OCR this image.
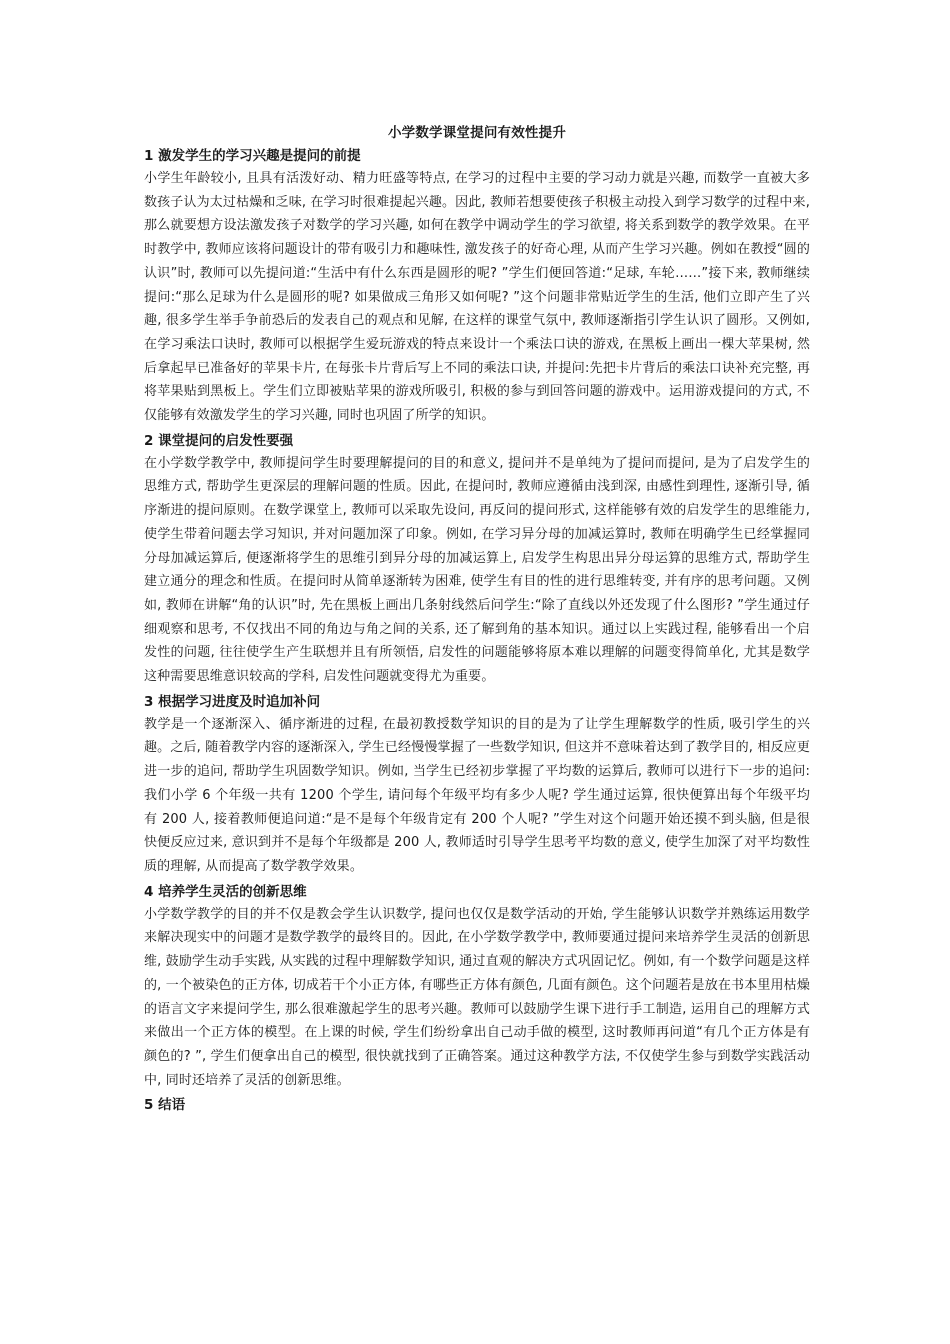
小学数学课堂提问有效性提升
1 激发学生的学习兴趣是提问的前提

小学生年龄较小, 且具有活泼好动、精力旺盛等特点, 在学习的过程中主要的学习动力就是兴趣, 而数学一直被大多数孩子认为太过枯燥和乏味, 在学习时很难提起兴趣。因此, 教师若想要使孩子积极主动投入到学习数学的过程中来, 那么就要想方设法激发孩子对数学的学习兴趣, 如何在教学中调动学生的学习欲望, 将关系到数学的教学效果。在平时教学中, 教师应该将问题设计的带有吸引力和趣味性, 激发孩子的好奇心理, 从而产生学习兴趣。例如在教授“圆的认识”时, 教师可以先提问道:“生活中有什么东西是圆形的呢? ”学生们便回答道:“足球, 车轮……”接下来, 教师继续提问:“那么足球为什么是圆形的呢? 如果做成三角形又如何呢? ”这个问题非常贴近学生的生活, 他们立即产生了兴趣, 很多学生举手争前恐后的发表自己的观点和见解, 在这样的课堂气氛中, 教师逐渐指引学生认识了圆形。又例如, 在学习乘法口诀时, 教师可以根据学生爱玩游戏的特点来设计一个乘法口诀的游戏, 在黑板上画出一棵大苹果树, 然后拿起早已准备好的苹果卡片, 在每张卡片背后写上不同的乘法口诀, 并提问:先把卡片背后的乘法口诀补充完整, 再将苹果贴到黑板上。学生们立即被贴苹果的游戏所吸引, 积极的参与到回答问题的游戏中。运用游戏提问的方式, 不仅能够有效激发学生的学习兴趣, 同时也巩固了所学的知识。

2 课堂提问的启发性要强

在小学数学教学中, 教师提问学生时要理解提问的目的和意义, 提问并不是单纯为了提问而提问, 是为了启发学生的思维方式, 帮助学生更深层的理解问题的性质。因此, 在提问时, 教师应遵循由浅到深, 由感性到理性, 逐渐引导, 循序渐进的提问原则。在数学课堂上, 教师可以采取先设问, 再反问的提问形式, 这样能够有效的启发学生的思维能力, 使学生带着问题去学习知识, 并对问题加深了印象。例如, 在学习异分母的加减运算时, 教师在明确学生已经掌握同分母加减运算后, 便逐渐将学生的思维引到异分母的加减运算上, 启发学生构思出异分母运算的思维方式, 帮助学生建立通分的理念和性质。在提问时从简单逐渐转为困难, 使学生有目的性的进行思维转变, 并有序的思考问题。又例如, 教师在讲解“角的认识”时, 先在黑板上画出几条射线然后问学生:“除了直线以外还发现了什么图形? ”学生通过仔细观察和思考, 不仅找出不同的角边与角之间的关系, 还了解到角的基本知识。通过以上实践过程, 能够看出一个启发性的问题, 往往使学生产生联想并且有所领悟, 启发性的问题能够将原本难以理解的问题变得简单化, 尤其是数学这种需要思维意识较高的学科, 启发性问题就变得尤为重要。

3 根据学习进度及时追加补问

教学是一个逐渐深入、循序渐进的过程, 在最初教授数学知识的目的是为了让学生理解数学的性质, 吸引学生的兴趣。之后, 随着教学内容的逐渐深入, 学生已经慢慢掌握了一些数学知识, 但这并不意味着达到了教学目的, 相反应更进一步的追问, 帮助学生巩固数学知识。例如, 当学生已经初步掌握了平均数的运算后, 教师可以进行下一步的追问:我们小学 6 个年级一共有 1200 个学生, 请问每个年级平均有多少人呢? 学生通过运算, 很快便算出每个年级平均有 200 人, 接着教师便追问道:“是不是每个年级肯定有 200 个人呢? ”学生对这个问题开始还摸不到头脑, 但是很快便反应过来, 意识到并不是每个年级都是 200 人, 教师适时引导学生思考平均数的意义, 使学生加深了对平均数性质的理解, 从而提高了数学教学效果。

4 培养学生灵活的创新思维

小学数学教学的目的并不仅是教会学生认识数学, 提问也仅仅是数学活动的开始, 学生能够认识数学并熟练运用数学来解决现实中的问题才是数学教学的最终目的。因此, 在小学数学教学中, 教师要通过提问来培养学生灵活的创新思维, 鼓励学生动手实践, 从实践的过程中理解数学知识, 通过直观的解决方式巩固记忆。例如, 有一个数学问题是这样的, 一个被染色的正方体, 切成若干个小正方体, 有哪些正方体有颜色, 几面有颜色。这个问题若是放在书本里用枯燥的语言文字来提问学生, 那么很难激起学生的思考兴趣。教师可以鼓励学生课下进行手工制造, 运用自己的理解方式来做出一个正方体的模型。在上课的时候, 学生们纷纷拿出自己动手做的模型, 这时教师再问道“有几个正方体是有颜色的? ”, 学生们便拿出自己的模型, 很快就找到了正确答案。通过这种教学方法, 不仅使学生参与到数学实践活动中, 同时还培养了灵活的创新思维。

5 结语
